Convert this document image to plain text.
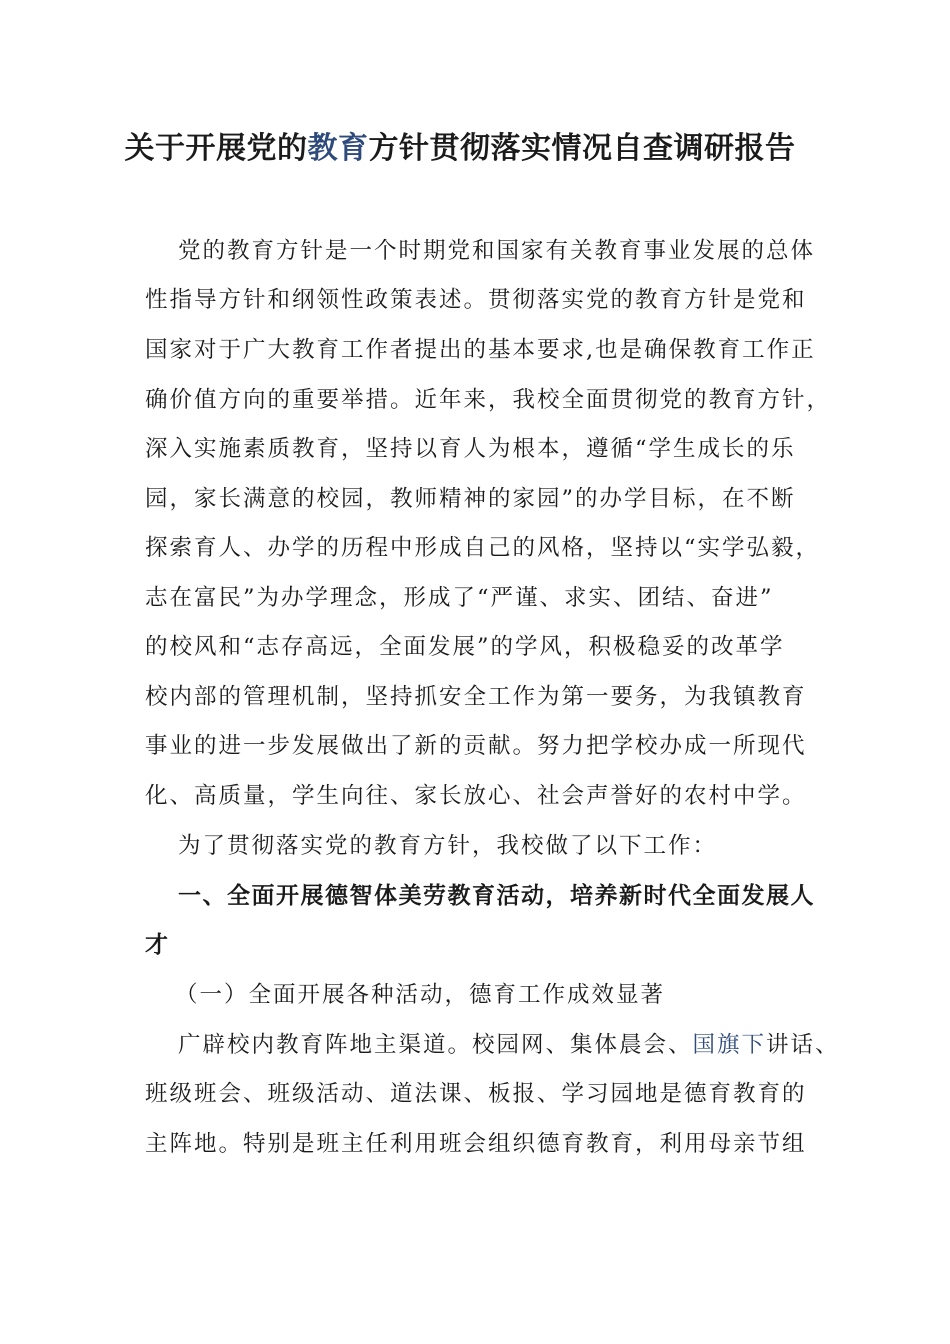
关于开展党的教育方针贯彻落实情况自查调研报告
党的教育方针是一个时期党和国家有关教育事业发展的总体
性指导方针和纲领性政策表述。贯彻落实党的教育方针是党和
国家对于广大教育工作者提出的基本要求,也是确保教育工作正
确价值方向的重要举措。近年来，我校全面贯彻党的教育方针，
深入实施素质教育，坚持以育人为根本，遵循“学生成长的乐
园，家长满意的校园，教师精神的家园”的办学目标，在不断
探索育人、办学的历程中形成自己的风格，坚持以“实学弘毅，
志在富民”为办学理念，形成了“严谨、求实、团结、奋进”
的校风和“志存高远，全面发展”的学风，积极稳妥的改革学
校内部的管理机制，坚持抓安全工作为第一要务，为我镇教育
事业的进一步发展做出了新的贡献。努力把学校办成一所现代
化、高质量，学生向往、家长放心、社会声誉好的农村中学。
为了贯彻落实党的教育方针，我校做了以下工作：
一、全面开展德智体美劳教育活动，培养新时代全面发展人
才
（一）全面开展各种活动，德育工作成效显著
广辟校内教育阵地主渠道。校园网、集体晨会、国旗下讲话、
班级班会、班级活动、道法课、板报、学习园地是德育教育的
主阵地。特别是班主任利用班会组织德育教育，利用母亲节组
